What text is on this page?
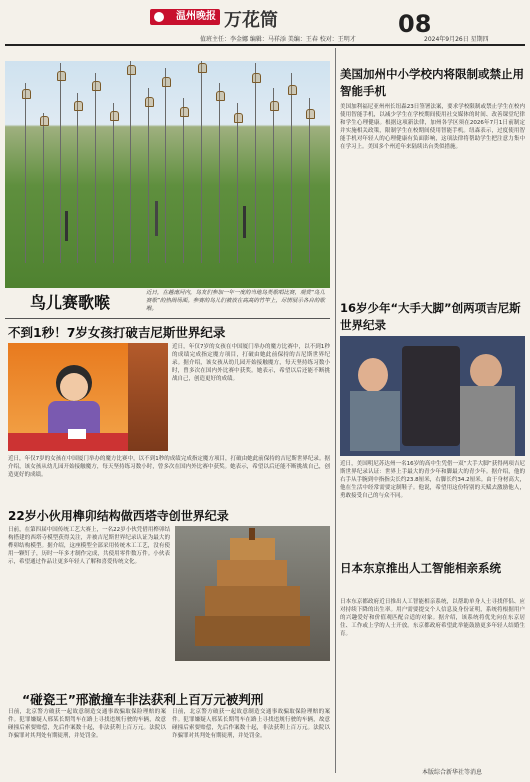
温州晚报 万花筒	08
值班主任：李金娜 编辑：马祥添 美编：王春 校对：王明才	2024年9月26日 星期四
鸟儿赛歌喉	近日，在越南河内，鸟友们参加一年一度的当地鸟类歌唱比赛，观赏“鸟儿赛歌”的热闹场面。参赛的鸟儿们被放在高高的竹竿上，尽情展示各自的歌喉。
不到1秒！7岁女孩打破吉尼斯世界纪录
近日，年仅7岁的女孩在中国厦门举办的魔方比赛中，以不到1秒的成绩完成指定魔方项目，打破由她此前保持的吉尼斯世界纪录。据介绍，该女孩从幼儿园开始接触魔方，每天坚持练习数小时，曾多次在国内外比赛中获奖。她表示，希望以后还能不断挑战自己，创造更好的成绩。
近日，年仅7岁的女孩在中国厦门举办的魔方比赛中，以不到1秒的成绩完成指定魔方项目，打破由她此前保持的吉尼斯世界纪录。据介绍，该女孩从幼儿园开始接触魔方，每天坚持练习数小时，曾多次在国内外比赛中获奖。她表示，希望以后还能不断挑战自己，创造更好的成绩。
22岁小伙用榫卯结构做西塔寺创世界纪录
日前，在第四届中国传统工艺大赛上，一名22岁小伙凭借用榫卯结构搭建的西塔寺模型获得关注，并被吉尼斯世界纪录认证为最大的榫卯结构模型。据介绍，这座模型全部采用传统木工工艺，没有使用一颗钉子，历时一年多才制作完成，共使用零件数万件。小伙表示，希望通过作品让更多年轻人了解和喜爱传统文化。
“碰瓷王”邢澈撞车非法获利上百万元被判刑
日前，北京警方破获一起故意制造交通事故骗取保险理赔的案件。犯罪嫌疑人邢某长期驾车在路上寻找违规行驶的车辆，故意碰撞后索要赔偿，先后作案数十起，非法获利上百万元。法院以诈骗罪对其判处有期徒刑，并处罚金。
日前，北京警方破获一起故意制造交通事故骗取保险理赔的案件。犯罪嫌疑人邢某长期驾车在路上寻找违规行驶的车辆，故意碰撞后索要赔偿，先后作案数十起，非法获利上百万元。法院以诈骗罪对其判处有期徒刑，并处罚金。
美国加州中小学校内将限制或禁止用智能手机
美国加利福尼亚州州长纽森23日签署法案，要求学校限制或禁止学生在校内使用智能手机，以减少学生在学校期间使用社交媒体的时间、改善课堂纪律和学生心理健康。根据这项新法律，加州各学区须在2026年7月1日前制定并实施相关政策，限制学生在校期间使用智能手机。纽森表示，过度使用智能手机对年轻人的心理健康有负面影响，这项法律将帮助学生把注意力集中在学习上。美国多个州近年来陆续出台类似措施。
16岁少年“大手大脚”创两项吉尼斯世界纪录
近日，美国明尼苏达州一名16岁的高中生凭借一双“大手大脚”获得两项吉尼斯世界纪录认证：世界上手最大的青少年和脚最大的青少年。据介绍，他的右手从手腕到中指指尖长约23.8厘米，右脚长约34.2厘米。由于身材高大，他在生活中经常需要定制鞋子。他说，希望用这份特别的天赋去激励他人，勇敢接受自己的与众不同。
日本东京推出人工智能相亲系统
日本东京都政府近日推出人工智能相亲系统，以帮助单身人士寻找伴侣、应对持续下降的出生率。用户需要提交个人信息及身份证明，系统将根据用户的兴趣爱好和价值观匹配合适的对象。据介绍，该系统将优先向在东京居住、工作或上学的人士开放。东京都政府希望此举能鼓励更多年轻人结婚生育。
本版综合新华社等消息
